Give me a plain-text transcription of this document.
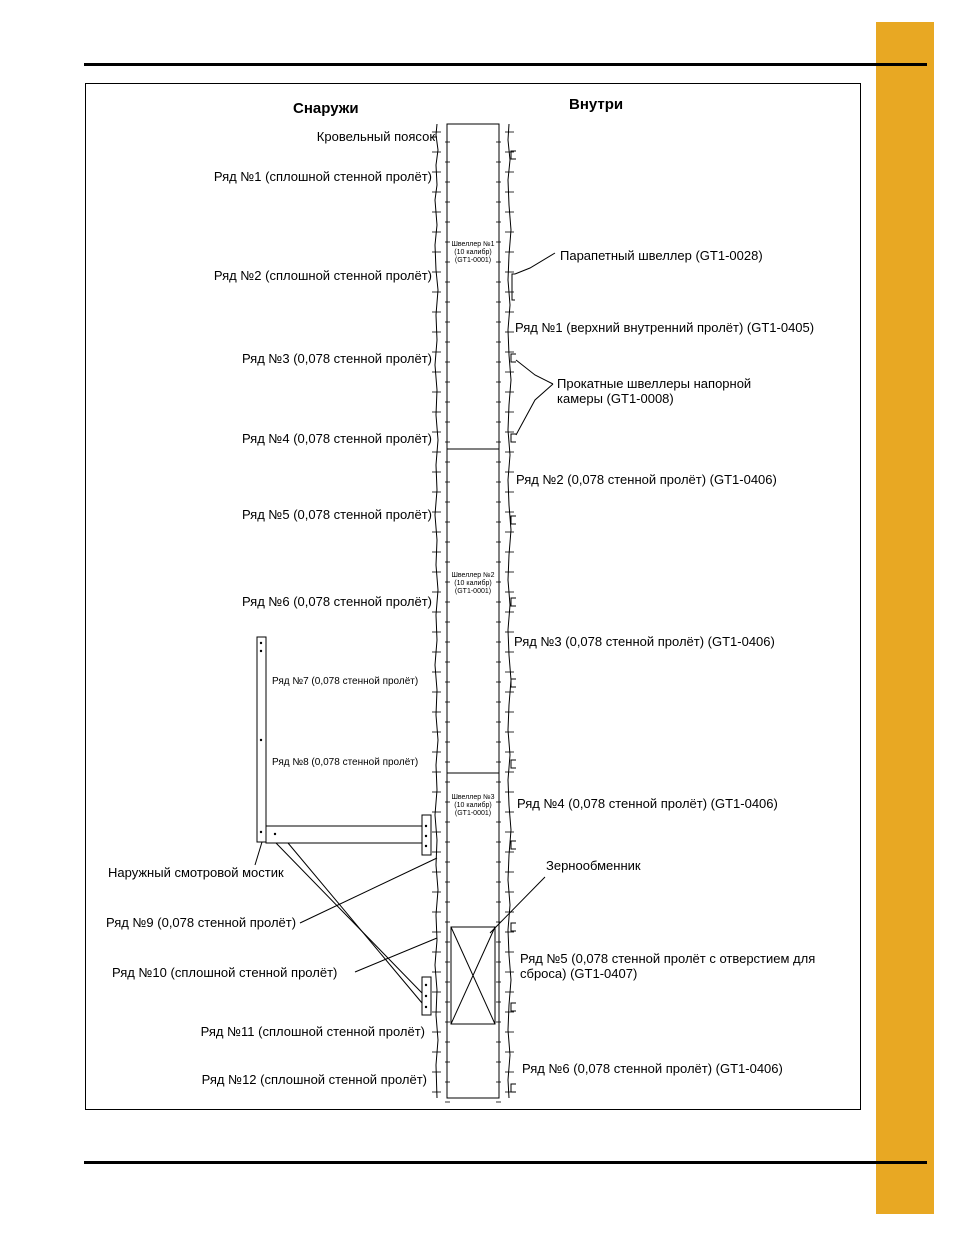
Снаружи	Внутри
Кровельный поясок
Ряд №1 (сплошной стенной пролёт)
Ряд №2 (сплошной стенной пролёт)
Ряд №3 (0,078 стенной пролёт)
Ряд №4 (0,078 стенной пролёт)
Ряд №5 (0,078 стенной пролёт)
Ряд №6 (0,078 стенной пролёт)
Ряд №7 (0,078 стенной пролёт)
Ряд №8 (0,078 стенной пролёт)
Наружный смотровой мостик
Ряд №9 (0,078 стенной пролёт)
Ряд №10 (сплошной стенной пролёт)
Ряд №11 (сплошной стенной пролёт)
Ряд №12 (сплошной стенной пролёт)
Парапетный швеллер (GT1-0028)
Ряд №1 (верхний внутренний пролёт) (GT1-0405)
Прокатные швеллеры напорной камеры (GT1-0008)
Ряд №2 (0,078 стенной пролёт) (GT1-0406)
Ряд №3 (0,078 стенной пролёт) (GT1-0406)
Ряд №4 (0,078 стенной пролёт) (GT1-0406)
Зернообменник
Ряд №5 (0,078 стенной пролёт с отверстием для сброса) (GT1-0407)
Ряд №6 (0,078 стенной пролёт) (GT1-0406)
Швеллер №1
(10 калибр)
(GT1-0001)
Швеллер №2
(10 калибр)
(GT1-0001)
Швеллер №3
(10 калибр)
(GT1-0001)
